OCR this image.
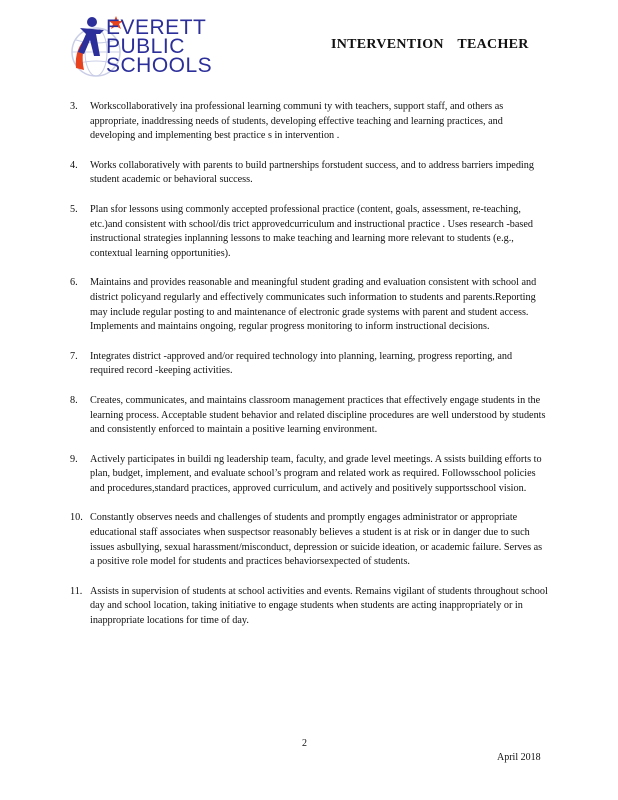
EVERETT
PUBLIC
SCHOOLS
INTERVENTION TEACHER
3. Workscollaboratively ina professional learning communi ty with teachers, support staff, and others as appropriate, inaddressing needs of students, developing effective teaching and learning practices, and developing and implementing best practice s in intervention .
4. Works collaboratively with parents to build partnerships forstudent success, and to address barriers impeding student academic or behavioral success.
5. Plan sfor lessons using commonly accepted professional practice (content, goals, assessment, re-teaching, etc.)and consistent with school/dis trict approvedcurriculum and instructional practice . Uses research -based instructional strategies inplanning lessons to make teaching and learning more relevant to students (e.g., contextual learning opportunities).
6. Maintains and provides reasonable and meaningful student grading and evaluation consistent with school and district policyand regularly and effectively communicates such information to students and parents.Reporting may include regular posting to and maintenance of electronic grade systems with parent and student access. Implements and maintains ongoing, regular progress monitoring to inform instructional decisions.
7. Integrates district -approved and/or required technology into planning, learning, progress reporting, and required record -keeping activities.
8. Creates, communicates, and maintains classroom management practices that effectively engage students in the learning process. Acceptable student behavior and related discipline procedures are well understood by students and consistently enforced to maintain a positive learning environment.
9. Actively participates in buildi ng leadership team, faculty, and grade level meetings. A ssists building efforts to plan, budget, implement, and evaluate school’s program and related work as required. Followsschool policies and procedures,standard practices, approved curriculum, and actively and positively supportsschool vision.
10. Constantly observes needs and challenges of students and promptly engages administrator or appropriate educational staff associates when suspectsor reasonably believes a student is at risk or in danger due to such issues asbullying, sexual harassment/misconduct, depression or suicide ideation, or academic failure. Serves as a positive role model for students and practices behaviorsexpected of students.
11. Assists in supervision of students at school activities and events. Remains vigilant of students throughout school day and school location, taking initiative to engage students when students are acting inappropriately or in inappropriate locations for time of day.
2
April 2018
